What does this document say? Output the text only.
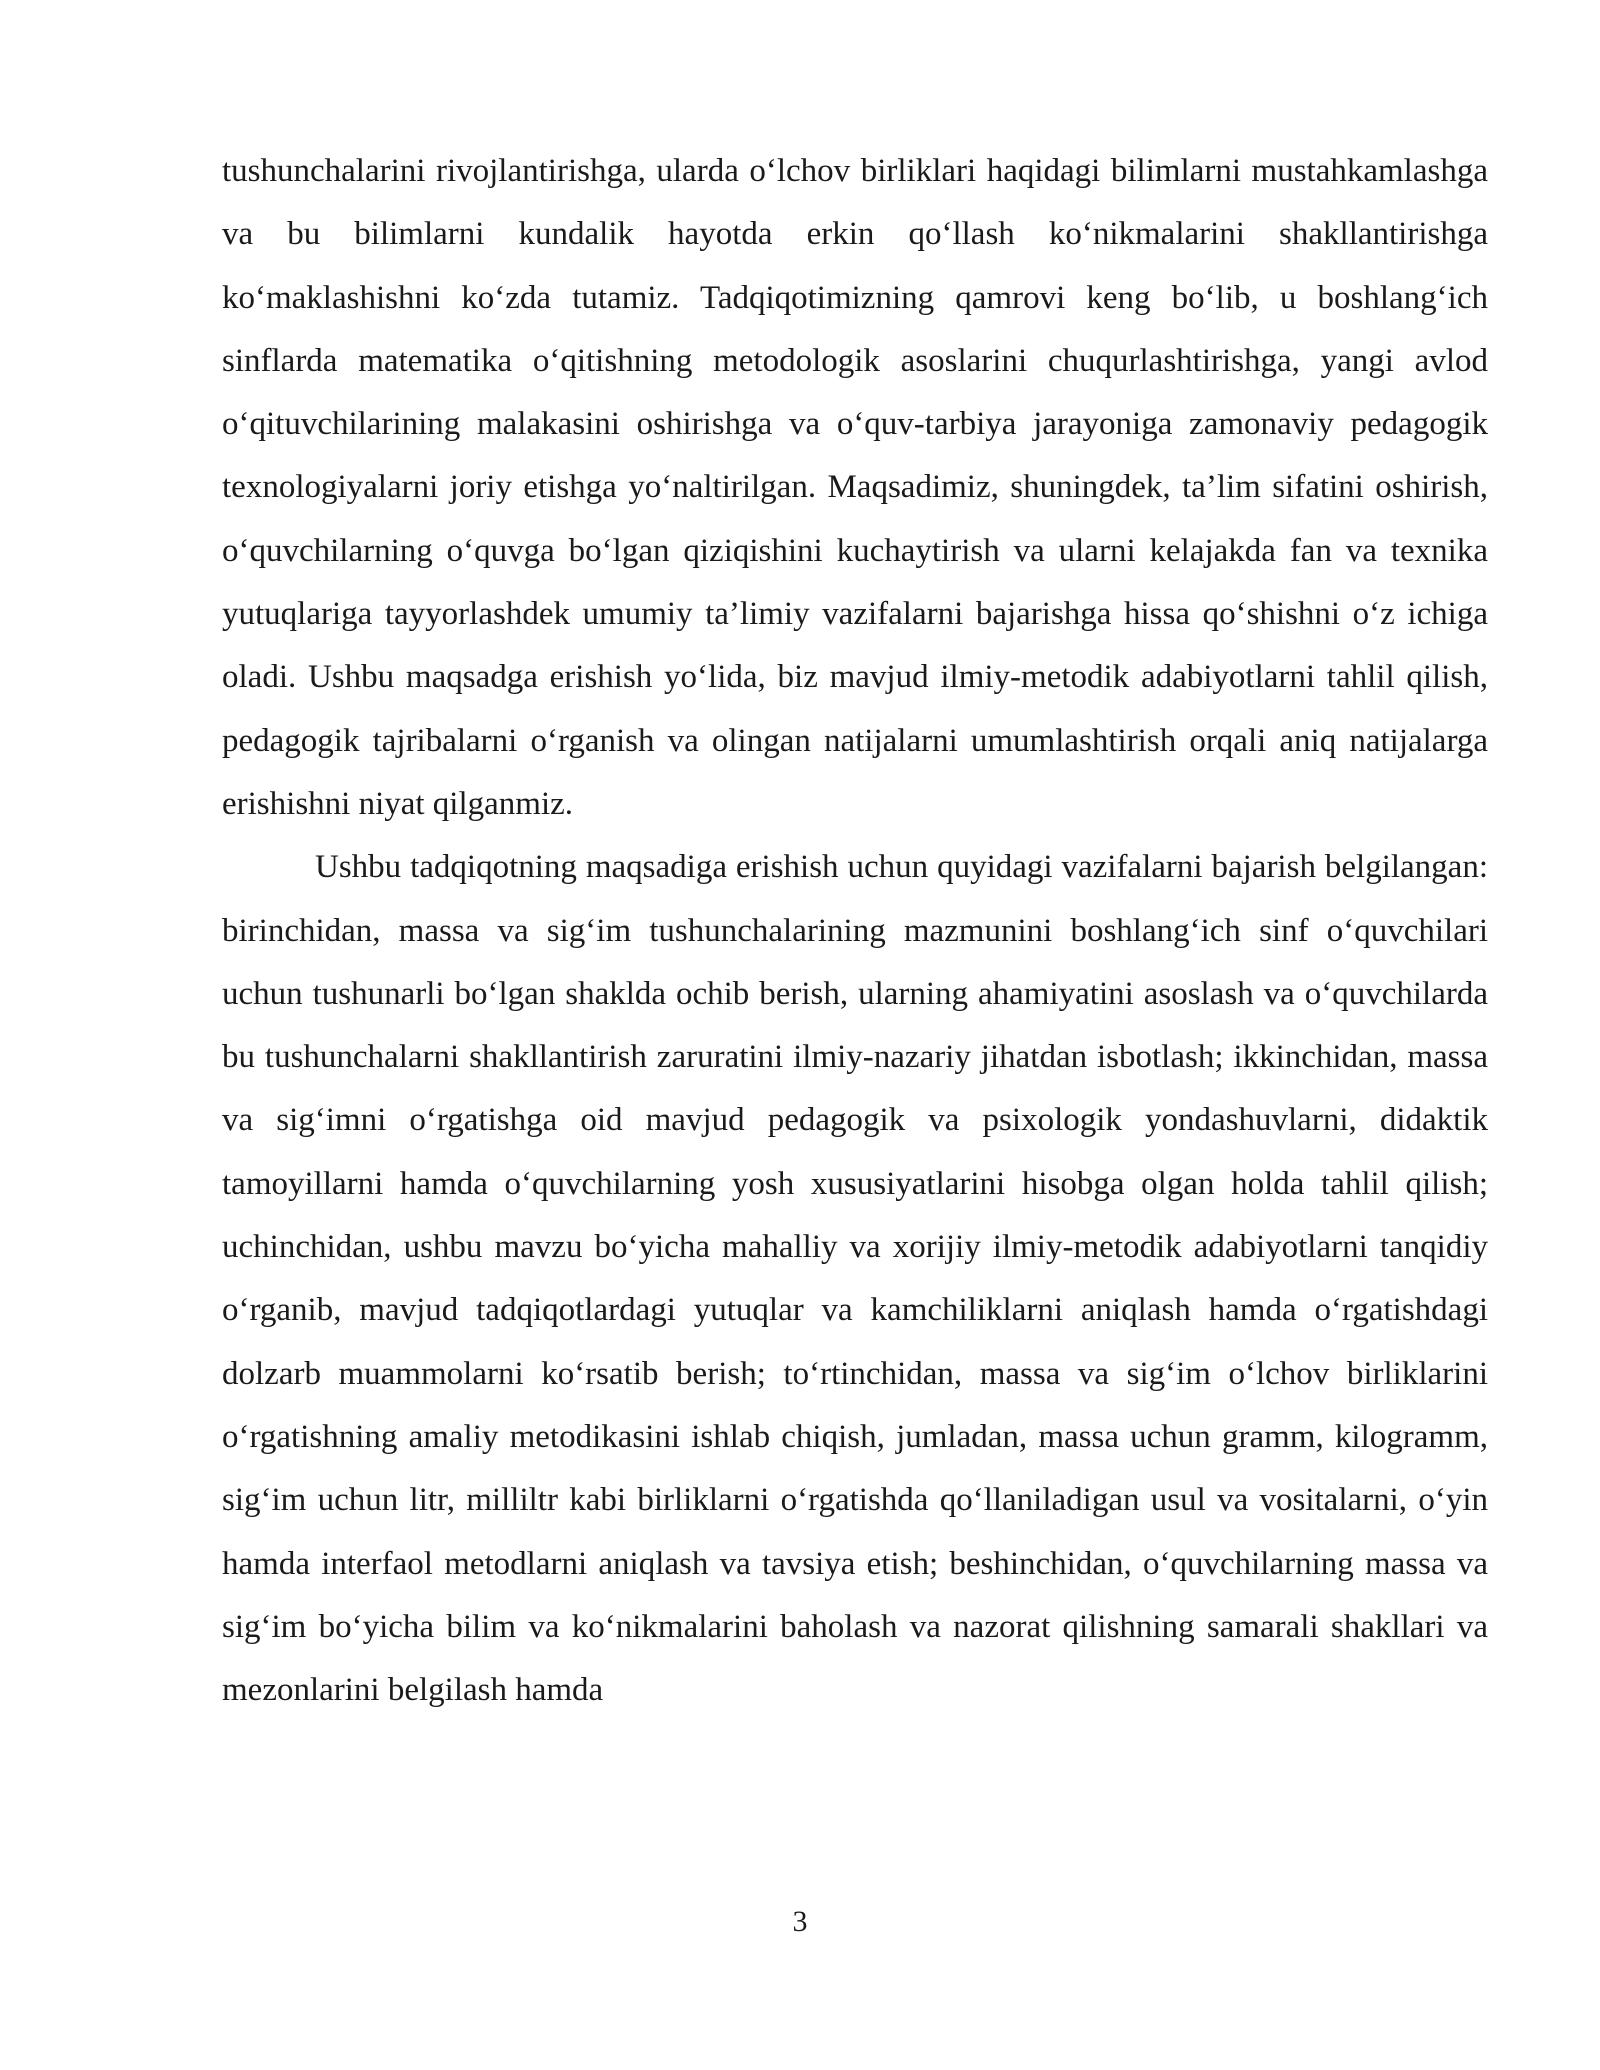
tushunchalarini rivojlantirishga, ularda o‘lchov birliklari haqidagi bilimlarni mustahkamlashga va bu bilimlarni kundalik hayotda erkin qo‘llash ko‘nikmalarini shakllantirishga ko‘maklashishni ko‘zda tutamiz. Tadqiqotimizning qamrovi keng bo‘lib, u boshlang‘ich sinflarda matematika o‘qitishning metodologik asoslarini chuqurlashtirishga, yangi avlod o‘qituvchilarining malakasini oshirishga va o‘quv-tarbiya jarayoniga zamonaviy pedagogik texnologiyalarni joriy etishga yo‘naltirilgan. Maqsadimiz, shuningdek, ta’lim sifatini oshirish, o‘quvchilarning o‘quvga bo‘lgan qiziqishini kuchaytirish va ularni kelajakda fan va texnika yutuqlariga tayyorlashdek umumiy ta’limiy vazifalarni bajarishga hissa qo‘shishni o‘z ichiga oladi. Ushbu maqsadga erishish yo‘lida, biz mavjud ilmiy-metodik adabiyotlarni tahlil qilish, pedagogik tajribalarni o‘rganish va olingan natijalarni umumlashtirish orqali aniq natijalarga erishishni niyat qilganmiz.

Ushbu tadqiqotning maqsadiga erishish uchun quyidagi vazifalarni bajarish belgilangan: birinchidan, massa va sig‘im tushunchalarining mazmunini boshlang‘ich sinf o‘quvchilari uchun tushunarli bo‘lgan shaklda ochib berish, ularning ahamiyatini asoslash va o‘quvchilarda bu tushunchalarni shakllantirish zaruratini ilmiy-nazariy jihatdan isbotlash; ikkinchidan, massa va sig‘imni o‘rgatishga oid mavjud pedagogik va psixologik yondashuvlarni, didaktik tamoyillarni hamda o‘quvchilarning yosh xususiyatlarini hisobga olgan holda tahlil qilish; uchinchidan, ushbu mavzu bo‘yicha mahalliy va xorijiy ilmiy-metodik adabiyotlarni tanqidiy o‘rganib, mavjud tadqiqotlardagi yutuqlar va kamchiliklarni aniqlash hamda o‘rgatishdagi dolzarb muammolarni ko‘rsatib berish; to‘rtinchidan, massa va sig‘im o‘lchov birliklarini o‘rgatishning amaliy metodikasini ishlab chiqish, jumladan, massa uchun gramm, kilogramm, sig‘im uchun litr, milliltr kabi birliklarni o‘rgatishda qo‘llaniladigan usul va vositalarni, o‘yin hamda interfaol metodlarni aniqlash va tavsiya etish; beshinchidan, o‘quvchilarning massa va sig‘im bo‘yicha bilim va ko‘nikmalarini baholash va nazorat qilishning samarali shakllari va mezonlarini belgilash hamda

3
